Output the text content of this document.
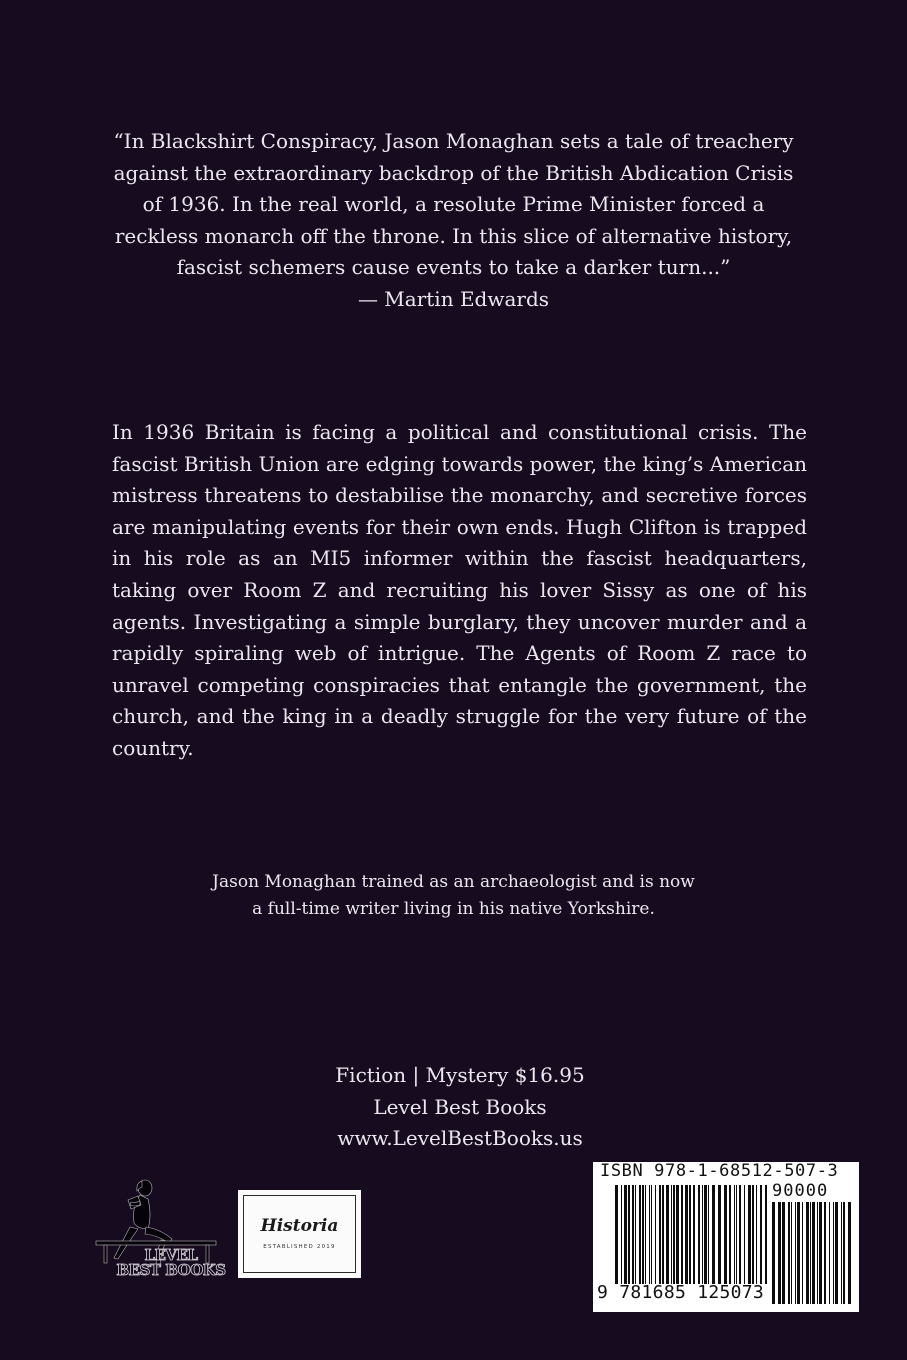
“In Blackshirt Conspiracy, Jason Monaghan sets a tale of treachery

against the extraordinary backdrop of the British Abdication Crisis

of 1936. In the real world, a resolute Prime Minister forced a

reckless monarch off the throne. In this slice of alternative history,

fascist schemers cause events to take a darker turn...”

— Martin Edwards

In 1936 Britain is facing a political and constitutional crisis. The fascist British Union are edging towards power, the king’s American mistress threatens to destabilise the monarchy, and secretive forces are manipulating events for their own ends. Hugh Clifton is trapped in his role as an MI5 informer within the fascist headquarters, taking over Room Z and recruiting his lover Sissy as one of his agents. Investigating a simple burglary, they uncover murder and a rapidly spiraling web of intrigue. The Agents of Room Z race to unravel competing conspiracies that entangle the government, the church, and the king in a deadly struggle for the very future of the country.

Jason Monaghan trained as an archaeologist and is now

a full-time writer living in his native Yorkshire.

Fiction | Mystery $16.95
Level Best Books
www.LevelBestBooks.us
LEVEL
BEST BOOKS
Historia
ESTABLISHED 2019
ISBN 978-1-68512-507-3
90000
9 781685 125073
